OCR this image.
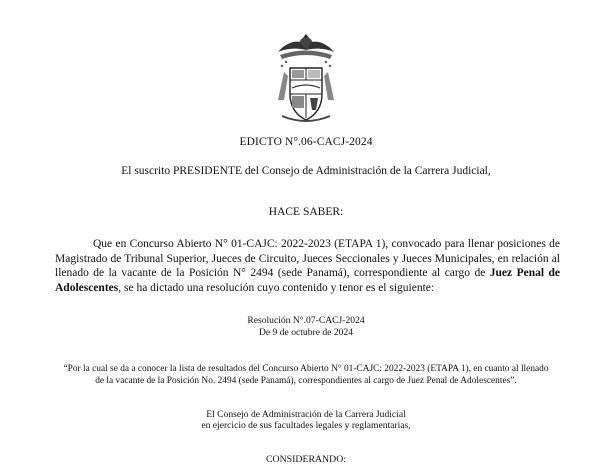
EDICTO N°.06-CACJ-2024
El suscrito PRESIDENTE del Consejo de Administración de la Carrera Judicial,
HACE SABER:
Que en Concurso Abierto N° 01-CAJC: 2022-2023 (ETAPA 1), convocado para llenar posiciones de Magistrado de Tribunal Superior, Jueces de Circuito, Jueces Seccionales y Jueces Municipales, en relación al llenado de la vacante de la Posición N° 2494 (sede Panamá), correspondiente al cargo de Juez Penal de Adolescentes, se ha dictado una resolución cuyo contenido y tenor es el siguiente:
Resolución N°.07-CACJ-2024
De 9 de octubre de 2024
“Por la cual se da a conocer la lista de resultados del Concurso Abierto N° 01-CAJC: 2022-2023 (ETAPA 1), en cuanto al llenado de la vacante de la Posición No. 2494 (sede Panamá), correspondientes al cargo de Juez Penal de Adolescentes”.
El Consejo de Administración de la Carrera Judicial
en ejercicio de sus facultades legales y reglamentarias,
CONSIDERANDO:
